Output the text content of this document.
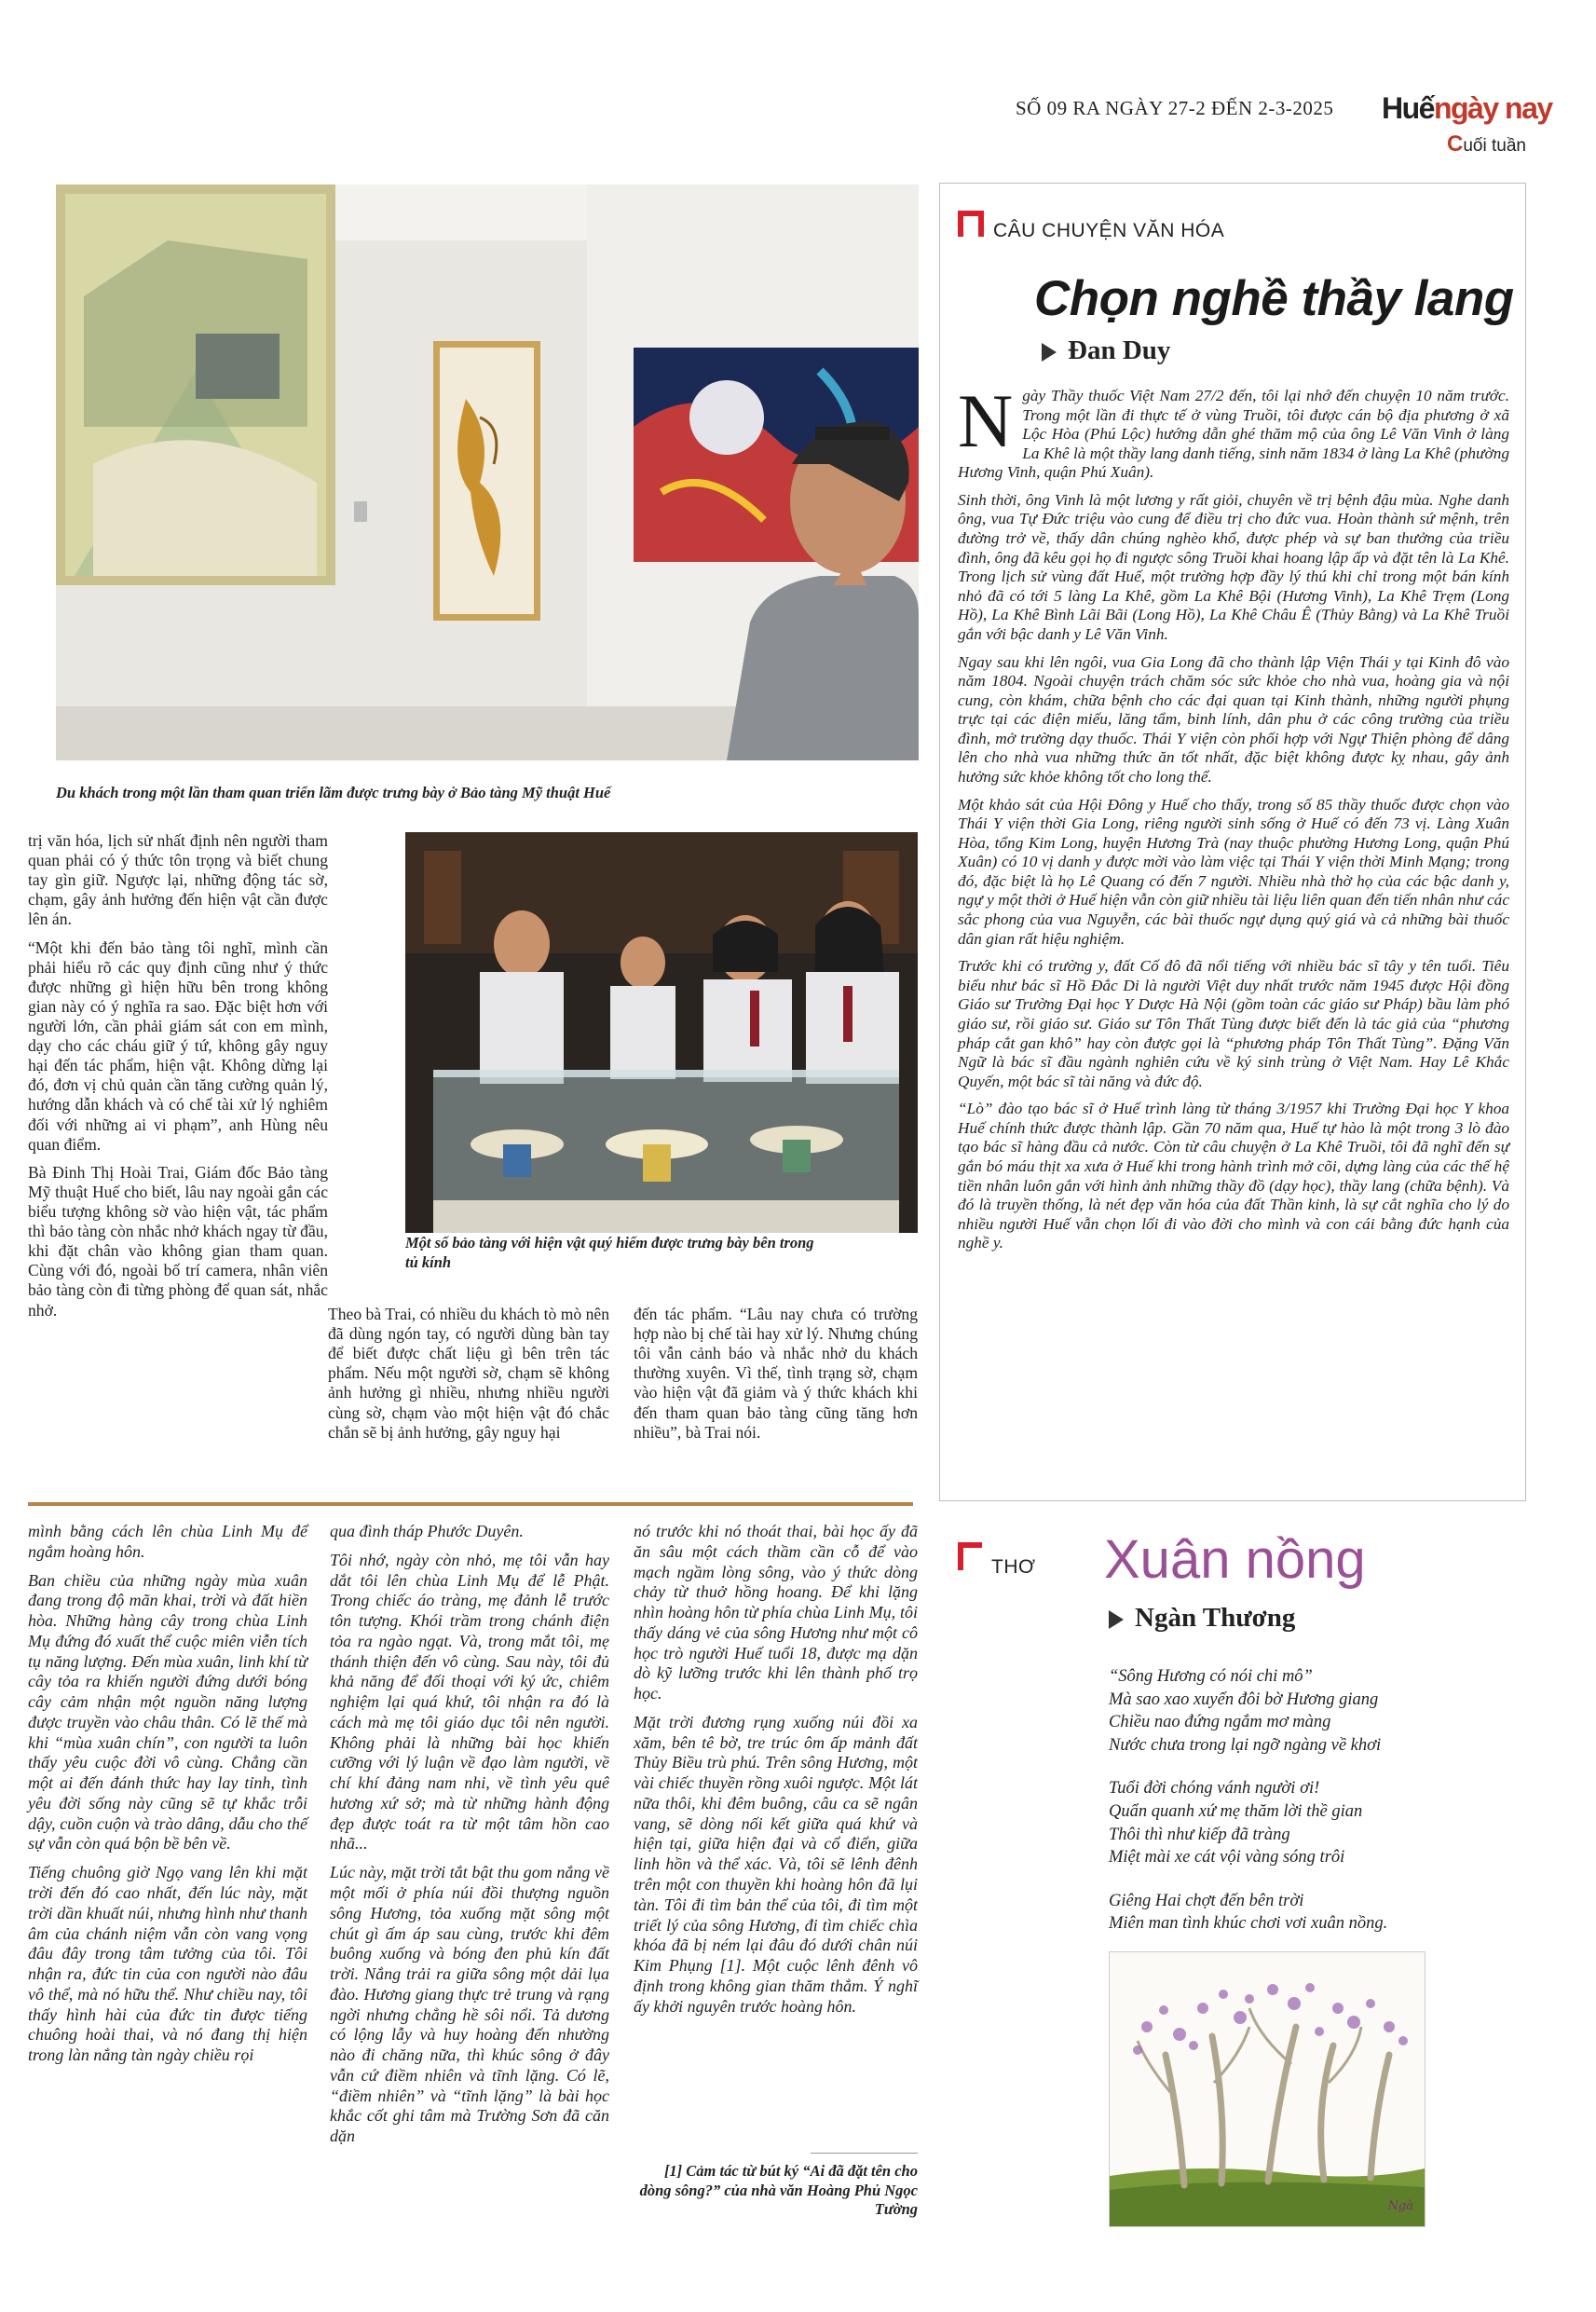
SỐ 09 RA NGÀY 27-2 ĐẾN 2-3-2025 Huếngày nay
Cuối tuần
Du khách trong một lần tham quan triển lãm được trưng bày ở Bảo tàng Mỹ thuật Huế
Một số bảo tàng với hiện vật quý hiếm được trưng bày bên trong tủ kính

trị văn hóa, lịch sử nhất định nên người tham quan phải có ý thức tôn trọng và biết chung tay gìn giữ. Ngược lại, những động tác sờ, chạm, gây ảnh hưởng đến hiện vật cần được lên án.

“Một khi đến bảo tàng tôi nghĩ, mình cần phải hiểu rõ các quy định cũng như ý thức được những gì hiện hữu bên trong không gian này có ý nghĩa ra sao. Đặc biệt hơn với người lớn, cần phải giám sát con em mình, dạy cho các cháu giữ ý tứ, không gây nguy hại đến tác phẩm, hiện vật. Không dừng lại đó, đơn vị chủ quản cần tăng cường quản lý, hướng dẫn khách và có chế tài xử lý nghiêm đối với những ai vi phạm”, anh Hùng nêu quan điểm.

Bà Đinh Thị Hoài Trai, Giám đốc Bảo tàng Mỹ thuật Huế cho biết, lâu nay ngoài gắn các biểu tượng không sờ vào hiện vật, tác phẩm thì bảo tàng còn nhắc nhở khách ngay từ đầu, khi đặt chân vào không gian tham quan. Cùng với đó, ngoài bố trí camera, nhân viên bảo tàng còn đi từng phòng để quan sát, nhắc nhở.	Theo bà Trai, có nhiều du khách tò mò nên đã dùng ngón tay, có người dùng bàn tay để biết được chất liệu gì bên trên tác phẩm. Nếu một người sờ, chạm sẽ không ảnh hưởng gì nhiều, nhưng nhiều người cùng sờ, chạm vào một hiện vật đó chắc chắn sẽ bị ảnh hưởng, gây nguy hại

đến tác phẩm. “Lâu nay chưa có trường hợp nào bị chế tài hay xử lý. Nhưng chúng tôi vẫn cảnh báo và nhắc nhở du khách thường xuyên. Vì thế, tình trạng sờ, chạm vào hiện vật đã giảm và ý thức khách khi đến tham quan bảo tàng cũng tăng hơn nhiều”, bà Trai nói.

CÂU CHUYỆN VĂN HÓA
Chọn nghề thầy lang
Đan Duy

Ngày Thầy thuốc Việt Nam 27/2 đến, tôi lại nhớ đến chuyện 10 năm trước. Trong một lần đi thực tế ở vùng Truồi, tôi được cán bộ địa phương ở xã Lộc Hòa (Phú Lộc) hướng dẫn ghé thăm mộ của ông Lê Văn Vinh ở làng La Khê là một thầy lang danh tiếng, sinh năm 1834 ở làng La Khê (phường Hương Vinh, quận Phú Xuân).

Sinh thời, ông Vinh là một lương y rất giỏi, chuyên về trị bệnh đậu mùa. Nghe danh ông, vua Tự Đức triệu vào cung để điều trị cho đức vua. Hoàn thành sứ mệnh, trên đường trở về, thấy dân chúng nghèo khổ, được phép và sự ban thưởng của triều đình, ông đã kêu gọi họ đi ngược sông Truồi khai hoang lập ấp và đặt tên là La Khê. Trong lịch sử vùng đất Huế, một trường hợp đầy lý thú khi chỉ trong một bán kính nhỏ đã có tới 5 làng La Khê, gồm La Khê Bội (Hương Vinh), La Khê Trẹm (Long Hồ), La Khê Bình Lãi Bãi (Long Hồ), La Khê Châu Ê (Thủy Bằng) và La Khê Truồi gắn với bậc danh y Lê Văn Vinh.

Ngay sau khi lên ngôi, vua Gia Long đã cho thành lập Viện Thái y tại Kinh đô vào năm 1804. Ngoài chuyện trách chăm sóc sức khỏe cho nhà vua, hoàng gia và nội cung, còn khám, chữa bệnh cho các đại quan tại Kinh thành, những người phụng trực tại các điện miếu, lăng tẩm, binh lính, dân phu ở các công trường của triều đình, mở trường dạy thuốc. Thái Y viện còn phối hợp với Ngự Thiện phòng để dâng lên cho nhà vua những thức ăn tốt nhất, đặc biệt không được kỵ nhau, gây ảnh hưởng sức khỏe không tốt cho long thể.

Một khảo sát của Hội Đông y Huế cho thấy, trong số 85 thầy thuốc được chọn vào Thái Y viện thời Gia Long, riêng người sinh sống ở Huế có đến 73 vị. Làng Xuân Hòa, tổng Kim Long, huyện Hương Trà (nay thuộc phường Hương Long, quận Phú Xuân) có 10 vị danh y được mời vào làm việc tại Thái Y viện thời Minh Mạng; trong đó, đặc biệt là họ Lê Quang có đến 7 người. Nhiều nhà thờ họ của các bậc danh y, ngự y một thời ở Huế hiện vẫn còn giữ nhiều tài liệu liên quan đến tiến nhân như các sắc phong của vua Nguyễn, các bài thuốc ngự dụng quý giá và cả những bài thuốc dân gian rất hiệu nghiệm.

Trước khi có trường y, đất Cố đô đã nổi tiếng với nhiều bác sĩ tây y tên tuổi. Tiêu biểu như bác sĩ Hồ Đắc Di là người Việt duy nhất trước năm 1945 được Hội đồng Giáo sư Trường Đại học Y Dược Hà Nội (gồm toàn các giáo sư Pháp) bầu làm phó giáo sư, rồi giáo sư. Giáo sư Tôn Thất Tùng được biết đến là tác giả của “phương pháp cắt gan khô” hay còn được gọi là “phương pháp Tôn Thất Tùng”. Đặng Văn Ngữ là bác sĩ đầu ngành nghiên cứu về ký sinh trùng ở Việt Nam. Hay Lê Khắc Quyến, một bác sĩ tài năng và đức độ.

“Lò” đào tạo bác sĩ ở Huế trình làng từ tháng 3/1957 khi Trường Đại học Y khoa Huế chính thức được thành lập. Gần 70 năm qua, Huế tự hào là một trong 3 lò đào tạo bác sĩ hàng đầu cả nước. Còn từ câu chuyện ở La Khê Truồi, tôi đã nghĩ đến sự gắn bó máu thịt xa xưa ở Huế khi trong hành trình mở cõi, dựng làng của các thế hệ tiền nhân luôn gắn với hình ảnh những thầy đồ (dạy học), thầy lang (chữa bệnh). Và đó là truyền thống, là nét đẹp văn hóa của đất Thần kinh, là sự cắt nghĩa cho lý do nhiều người Huế vẫn chọn lối đi vào đời cho mình và con cái bằng đức hạnh của nghề y.

mình bằng cách lên chùa Linh Mụ để ngắm hoàng hôn.

Ban chiều của những ngày mùa xuân đang trong độ mãn khai, trời và đất hiền hòa. Những hàng cây trong chùa Linh Mụ đứng đó xuất thể cuộc miên viễn tích tụ năng lượng. Đến mùa xuân, linh khí từ cây tỏa ra khiến người đứng dưới bóng cây cảm nhận một nguồn năng lượng được truyền vào châu thân. Có lẽ thế mà khi “mùa xuân chín”, con người ta luôn thấy yêu cuộc đời vô cùng. Chẳng cần một ai đến đánh thức hay lay tỉnh, tình yêu đời sống này cũng sẽ tự khắc trỗi dậy, cuồn cuộn và trào dâng, dẫu cho thế sự vẫn còn quá bộn bề bên về.

Tiếng chuông giờ Ngọ vang lên khi mặt trời đến đó cao nhất, đến lúc này, mặt trời dần khuất núi, nhưng hình như thanh âm của chánh niệm vẫn còn vang vọng đâu đây trong tâm tưởng của tôi. Tôi nhận ra, đức tin của con người nào đâu vô thể, mà nó hữu thể. Như chiều nay, tôi thấy hình hài của đức tin được tiếng chuông hoài thai, và nó đang thị hiện trong làn nắng tàn ngày chiều rọi

qua đình tháp Phước Duyên.

Tôi nhớ, ngày còn nhỏ, mẹ tôi vẫn hay dắt tôi lên chùa Linh Mụ để lễ Phật. Trong chiếc áo tràng, mẹ đảnh lễ trước tôn tượng. Khói trầm trong chánh điện tỏa ra ngào ngạt. Và, trong mắt tôi, mẹ thánh thiện đến vô cùng. Sau này, tôi đủ khả năng để đối thoại với ký ức, chiêm nghiệm lại quá khứ, tôi nhận ra đó là cách mà mẹ tôi giáo dục tôi nên người. Không phải là những bài học khiến cưỡng với lý luận về đạo làm người, về chí khí đảng nam nhi, về tình yêu quê hương xứ sở; mà từ những hành động đẹp được toát ra từ một tâm hồn cao nhã...

Lúc này, mặt trời tắt bật thu gom nắng về một mối ở phía núi đồi thượng nguồn sông Hương, tỏa xuống mặt sông một chút gì ấm áp sau cùng, trước khi đêm buông xuống và bóng đen phủ kín đất trời. Nắng trải ra giữa sông một dải lụa đào. Hương giang thực trẻ trung và rạng ngời nhưng chẳng hề sôi nổi. Tả dương có lộng lẫy và huy hoàng đến nhường nào đi chăng nữa, thì khúc sông ở đây vẫn cứ điềm nhiên và tĩnh lặng. Có lẽ, “điềm nhiên” và “tĩnh lặng” là bài học khắc cốt ghi tâm mà Trường Sơn đã căn dặn

nó trước khi nó thoát thai, bài học ấy đã ăn sâu một cách thầm cần cỗ để vào mạch ngầm lòng sông, vào ý thức dòng chảy từ thuở hồng hoang. Để khi lặng nhìn hoàng hôn từ phía chùa Linh Mụ, tôi thấy dáng vẻ của sông Hương như một cô học trò người Huế tuổi 18, được mạ dặn dò kỹ lưỡng trước khi lên thành phố trọ học.

Mặt trời đương rụng xuống núi đồi xa xăm, bên tê bờ, tre trúc ôm ấp mảnh đất Thủy Biều trù phú. Trên sông Hương, một vài chiếc thuyền rồng xuôi ngược. Một lát nữa thôi, khi đêm buông, câu ca sẽ ngân vang, sẽ dòng nối kết giữa quá khứ và hiện tại, giữa hiện đại và cổ điển, giữa linh hồn và thể xác. Và, tôi sẽ lênh đênh trên một con thuyền khi hoàng hôn đã lụi tàn. Tôi đi tìm bản thể của tôi, đi tìm một triết lý của sông Hương, đi tìm chiếc chìa khóa đã bị ném lại đâu đó dưới chân núi Kim Phụng [1]. Một cuộc lênh đênh vô định trong không gian thăm thẳm. Ý nghĩ ấy khởi nguyên trước hoàng hôn.

[1] Cảm tác từ bút ký “Ai đã đặt tên cho dòng sông?” của nhà văn Hoàng Phủ Ngọc Tường
THƠ Xuân nồng
Ngàn Thương
“Sông Hương có nói chi mô”
Mà sao xao xuyến đôi bờ Hương giang
Chiều nao đứng ngắm mơ màng
Nước chưa trong lại ngỡ ngàng về khơi
Tuổi đời chóng vánh người ơi!
Quẩn quanh xứ mẹ thăm lời thề gian
Thôi thì như kiếp đã tràng
Miệt mài xe cát vội vàng sóng trôi
Giêng Hai chợt đến bên trời
Miên man tình khúc chơi vơi xuân nồng.
Ngà
